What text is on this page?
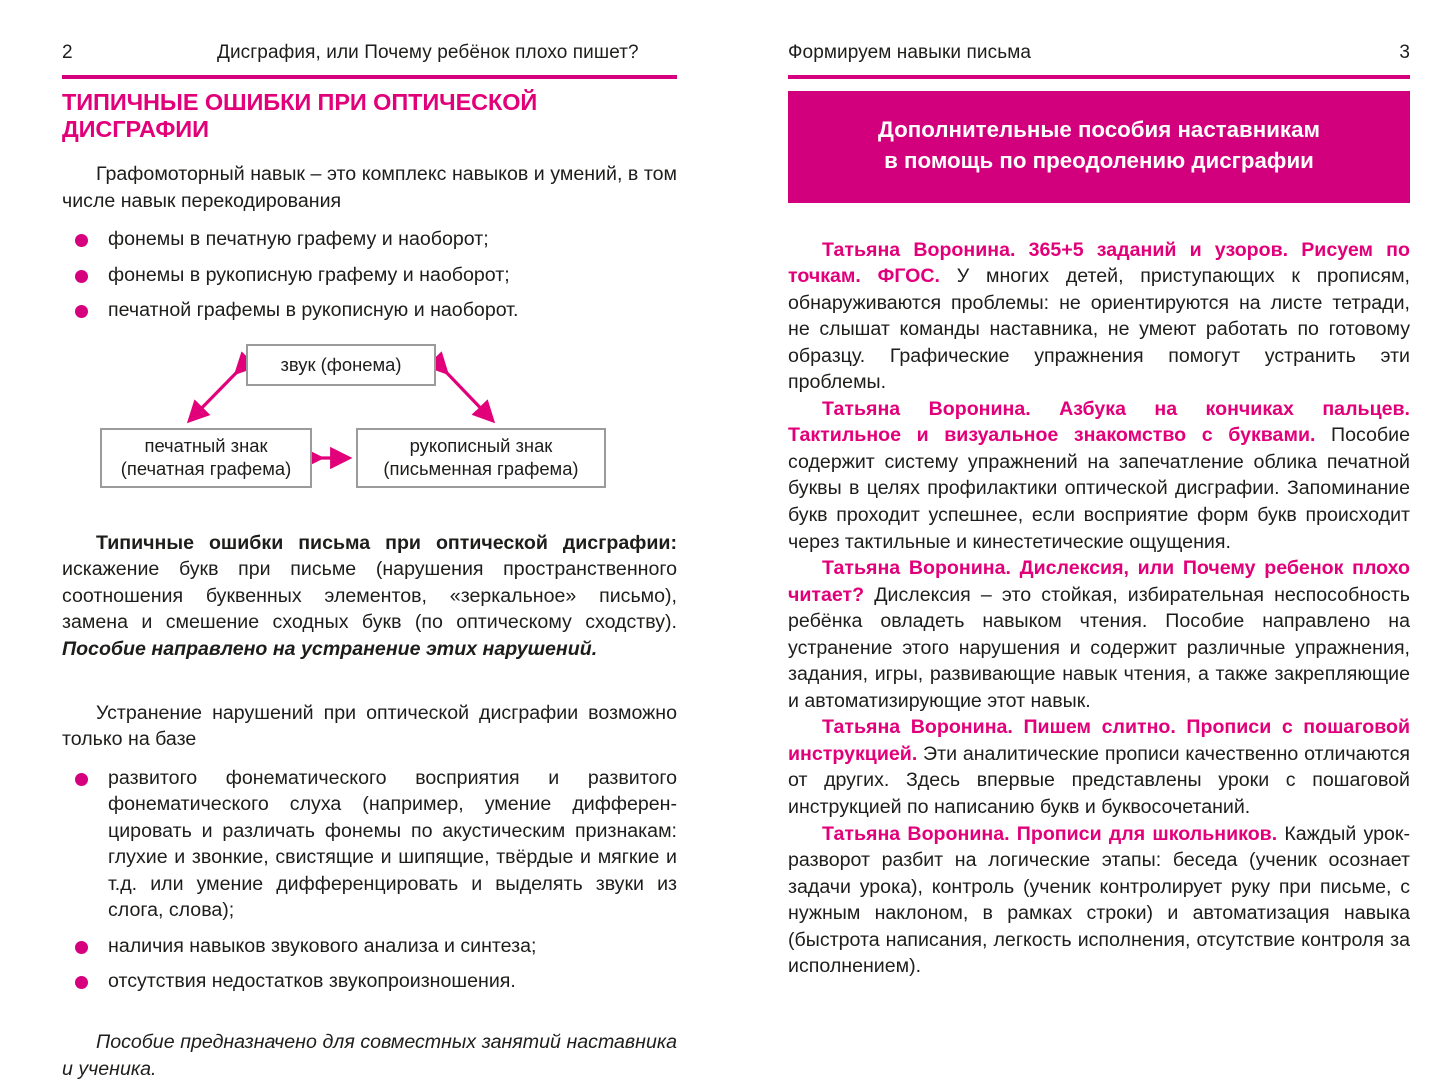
2	Дисграфия, или Почему ребёнок плохо пишет?
ТИПИЧНЫЕ ОШИБКИ ПРИ ОПТИЧЕСКОЙ ДИСГРАФИИ

Графомоторный навык – это комплекс навыков и умений, в том числе навык перекодирования

фонемы в печатную графему и наоборот;
фонемы в рукописную графему и наоборот;
печатной графемы в рукописную и наоборот.
звук (фонема)
печатный знак
(печатная графема)
рукописный знак
(письменная графема)

Типичные ошибки письма при оптической дисграфии: искажение букв при письме (нарушения пространственного соотношения буквенных элементов, «зеркальное» письмо), замена и смешение сходных букв (по оптическому сходству). Пособие направлено на устранение этих нарушений.

Устранение нарушений при оптической дисграфии возможно только на базе

развитого фонематического восприятия и развитого фонематического слуха (например, умение дифференцировать и различать фонемы по акустическим признакам: глухие и звонкие, свистящие и шипящие, твёрдые и мягкие и т.д. или умение дифференцировать и выделять звуки из слога, слова);
наличия навыков звукового анализа и синтеза;
отсутствия недостатков звукопроизношения.

Пособие предназначено для совместных занятий наставника и ученика.

Формируем навыки письма	3
Дополнительные пособия наставникам
в помощь по преодолению дисграфии

Татьяна Воронина. 365+5 заданий и узоров. Рисуем по точкам. ФГОС. У многих детей, приступающих к прописям, обнаруживаются проблемы: не ориентируются на листе тетради, не слышат команды наставника, не умеют работать по готовому образцу. Графические упражнения помогут устранить эти проблемы.

Татьяна Воронина. Азбука на кончиках пальцев. Тактильное и визуальное знакомство с буквами. Пособие содержит систему упражнений на запечатление облика печатной буквы в целях профилактики оптической дисграфии. Запоминание букв проходит успешнее, если восприятие форм букв происходит через тактильные и кинестетические ощущения.

Татьяна Воронина. Дислексия, или Почему ребенок плохо читает? Дислексия – это стойкая, избирательная неспособность ребёнка овладеть навыком чтения. Пособие направлено на устранение этого нарушения и содержит различные упражнения, задания, игры, развивающие навык чтения, а также закрепляющие и автоматизирующие этот навык.

Татьяна Воронина. Пишем слитно. Прописи с пошаговой инструкцией. Эти аналитические прописи качественно отличаются от других. Здесь впервые представлены уроки с пошаговой инструкцией по написанию букв и буквосочетаний.

Татьяна Воронина. Прописи для школьников. Каждый урок-разворот разбит на логические этапы: беседа (ученик осознает задачи урока), контроль (ученик контролирует руку при письме, с нужным наклоном, в рамках строки) и автоматизация навыка (быстрота написания, легкость исполнения, отсутствие контроля за исполнением).
